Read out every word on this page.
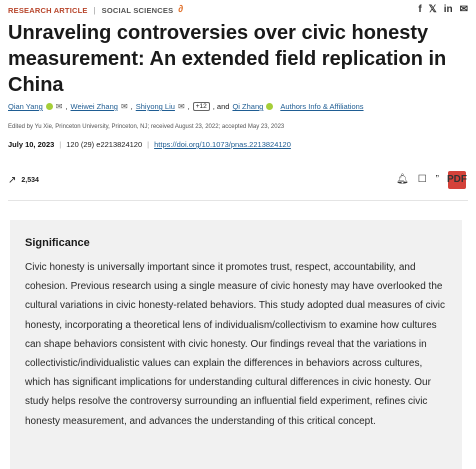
RESEARCH ARTICLE | SOCIAL SCIENCES ∂	f 𝕏 in ✉
Unraveling controversies over civic honesty measurement: An extended field replication in China
Qian Yang ✉ , Weiwei Zhang ✉ , Shiyong Liu ✉ , +12 , and Qi Zhang Authors Info & Affiliations
Edited by Yu Xie, Princeton University, Princeton, NJ; received August 23, 2022; accepted May 23, 2023
July 10, 2023 | 120 (29) e2213824120 | https://doi.org/10.1073/pnas.2213824120
↗ 2,534	🔔︎ ☐ ” PDF
Significance

Civic honesty is universally important since it promotes trust, respect, accountability, and cohesion. Previous research using a single measure of civic honesty may have overlooked the cultural variations in civic honesty-related behaviors. This study adopted dual measures of civic honesty, incorporating a theoretical lens of individualism/collectivism to examine how cultures can shape behaviors consistent with civic honesty. Our findings reveal that the variations in collectivistic/individualistic values can explain the differences in behaviors across cultures, which has significant implications for understanding cultural differences in civic honesty. Our study helps resolve the controversy surrounding an influential field experiment, refines civic honesty measurement, and advances the understanding of this critical concept.
